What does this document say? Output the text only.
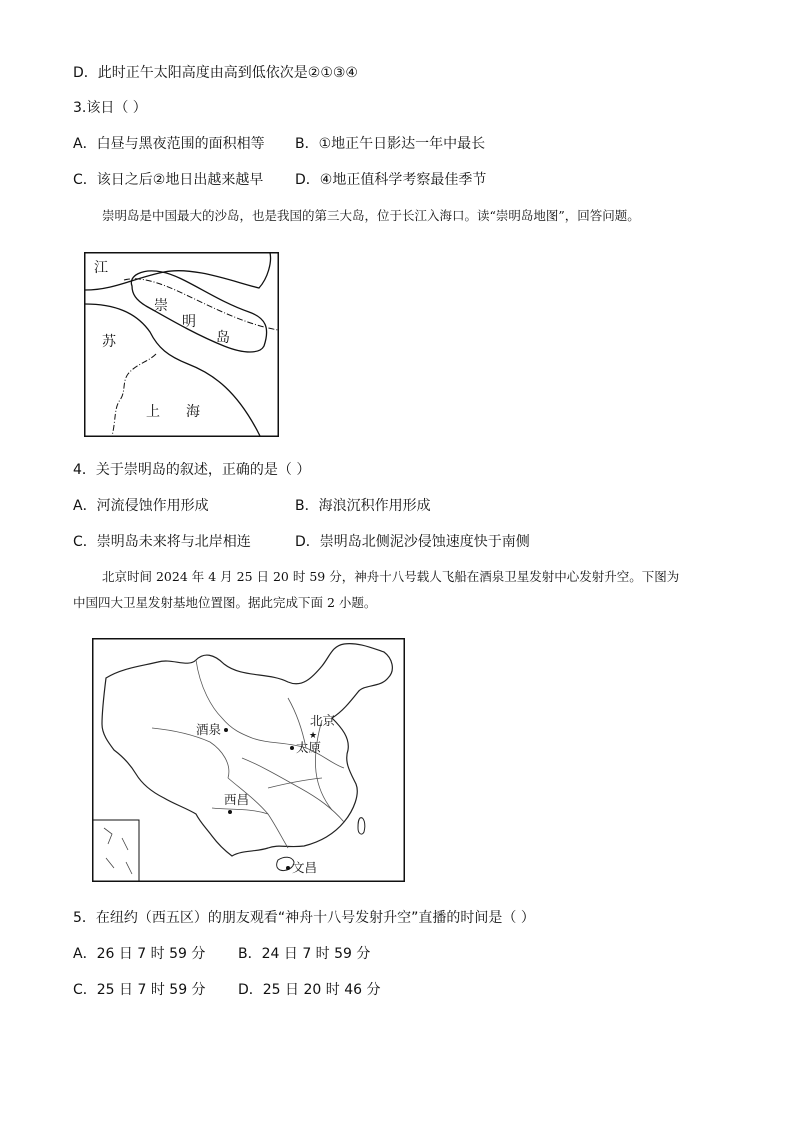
D．此时正午太阳高度由高到低依次是②①③④
3.该日（ ）
A．白昼与黑夜范围的面积相等 B．①地正午日影达一年中最长
C．该日之后②地日出越来越早 D．④地正值科学考察最佳季节
崇明岛是中国最大的沙岛，也是我国的第三大岛，位于长江入海口。读“崇明岛地图”，回答问题。
江
苏
崇
明
岛
上 海
4．关于崇明岛的叙述，正确的是（ ）
A．河流侵蚀作用形成	B．海浪沉积作用形成
C．崇明岛未来将与北岸相连	D．崇明岛北侧泥沙侵蚀速度快于南侧
北京时间 2024 年 4 月 25 日 20 时 59 分，神舟十八号载人飞船在酒泉卫星发射中心发射升空。下图为
中国四大卫星发射基地位置图。据此完成下面 2 小题。
★
北京
酒泉
太原
西昌
文昌
5．在纽约（西五区）的朋友观看“神舟十八号发射升空”直播的时间是（ ）
A．26 日 7 时 59 分 B．24 日 7 时 59 分
C．25 日 7 时 59 分 D．25 日 20 时 46 分
